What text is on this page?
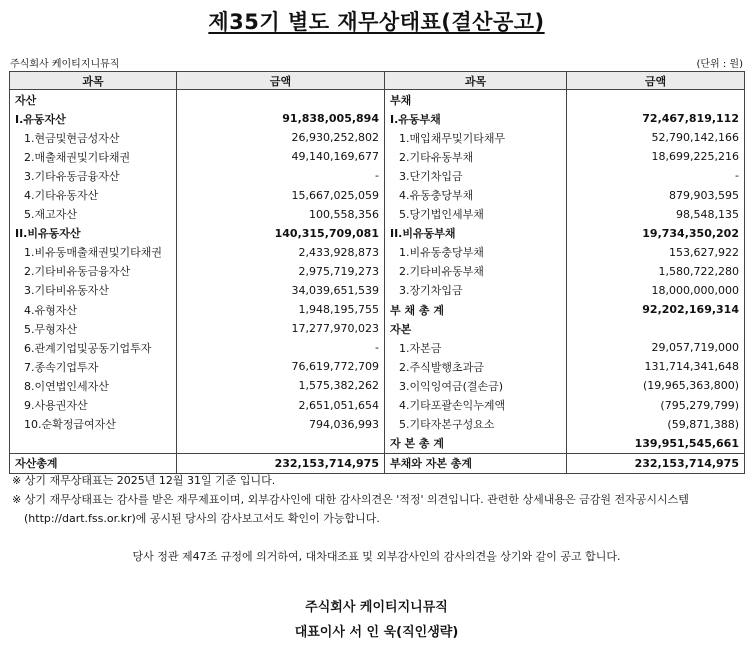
제35기 별도 재무상태표(결산공고)
주식회사 케이티지니뮤직	(단위 : 원)
과목	금액	과목	금액
자산		부채	
I.유동자산	91,838,005,894	I.유동부채	72,467,819,112
1.현금및현금성자산	26,930,252,802	1.매입채무및기타채무	52,790,142,166
2.매출채권및기타채권	49,140,169,677	2.기타유동부채	18,699,225,216
3.기타유동금융자산	-	3.단기차입금	-
4.기타유동자산	15,667,025,059	4.유동충당부채	879,903,595
5.재고자산	100,558,356	5.당기법인세부채	98,548,135
II.비유동자산	140,315,709,081	II.비유동부채	19,734,350,202
1.비유동매출채권및기타채권	2,433,928,873	1.비유동충당부채	153,627,922
2.기타비유동금융자산	2,975,719,273	2.기타비유동부채	1,580,722,280
3.기타비유동자산	34,039,651,539	3.장기차입금	18,000,000,000
4.유형자산	1,948,195,755	부 채 총 계	92,202,169,314
5.무형자산	17,277,970,023	자본	
6.관계기업및공동기업투자	-	1.자본금	29,057,719,000
7.종속기업투자	76,619,772,709	2.주식발행초과금	131,714,341,648
8.이연법인세자산	1,575,382,262	3.이익잉여금(결손금)	(19,965,363,800)
9.사용권자산	2,651,051,654	4.기타포괄손익누계액	(795,279,799)
10.순확정급여자산	794,036,993	5.기타자본구성요소	(59,871,388)
		자 본 총 계	139,951,545,661
자산총계	232,153,714,975	부채와 자본 총계	232,153,714,975
※ 상기 재무상태표는 2025년 12월 31일 기준 입니다.
※ 상기 재무상태표는 감사를 받은 재무제표이며, 외부감사인에 대한 감사의견은 '적정' 의견입니다. 관련한 상세내용은 금감원 전자공시시스템
(http://dart.fss.or.kr)에 공시된 당사의 감사보고서도 확인이 가능합니다.
당사 정관 제47조 규정에 의거하여, 대차대조표 및 외부감사인의 감사의견을 상기와 같이 공고 합니다.
주식회사 케이티지니뮤직
대표이사 서 인 욱(직인생략)
